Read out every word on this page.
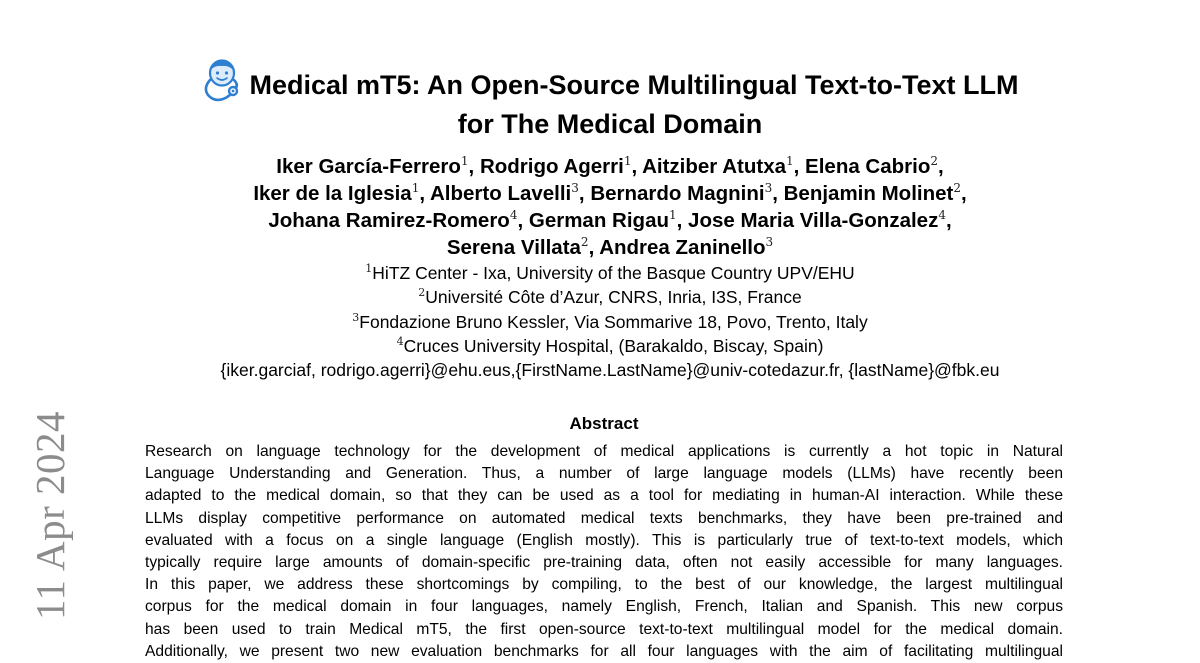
11 Apr 2024
Medical mT5: An Open-Source Multilingual Text-to-Text LLM
for The Medical Domain
Iker García-Ferrero$^1$, Rodrigo Agerri$^1$, Aitziber Atutxa$^1$, Elena Cabrio$^2$,
Iker de la Iglesia$^1$, Alberto Lavelli$^3$, Bernardo Magnini$^3$, Benjamin Molinet$^2$,
Johana Ramirez-Romero$^4$, German Rigau$^1$, Jose Maria Villa-Gonzalez$^4$,
Serena Villata$^2$, Andrea Zaninello$^3$
$^1$HiTZ Center - Ixa, University of the Basque Country UPV/EHU
$^2$Université Côte d’Azur, CNRS, Inria, I3S, France
$^3$Fondazione Bruno Kessler, Via Sommarive 18, Povo, Trento, Italy
$^4$Cruces University Hospital, (Barakaldo, Biscay, Spain)
{iker.garciaf, rodrigo.agerri}@ehu.eus,{FirstName.LastName}@univ-cotedazur.fr, {lastName}@fbk.eu
Abstract
Research on language technology for the development of medical applications is currently a hot topic in Natural
Language Understanding and Generation. Thus, a number of large language models (LLMs) have recently been
adapted to the medical domain, so that they can be used as a tool for mediating in human-AI interaction. While these
LLMs display competitive performance on automated medical texts benchmarks, they have been pre-trained and
evaluated with a focus on a single language (English mostly). This is particularly true of text-to-text models, which
typically require large amounts of domain-specific pre-training data, often not easily accessible for many languages.
In this paper, we address these shortcomings by compiling, to the best of our knowledge, the largest multilingual
corpus for the medical domain in four languages, namely English, French, Italian and Spanish. This new corpus
has been used to train Medical mT5, the first open-source text-to-text multilingual model for the medical domain.
Additionally, we present two new evaluation benchmarks for all four languages with the aim of facilitating multilingual
